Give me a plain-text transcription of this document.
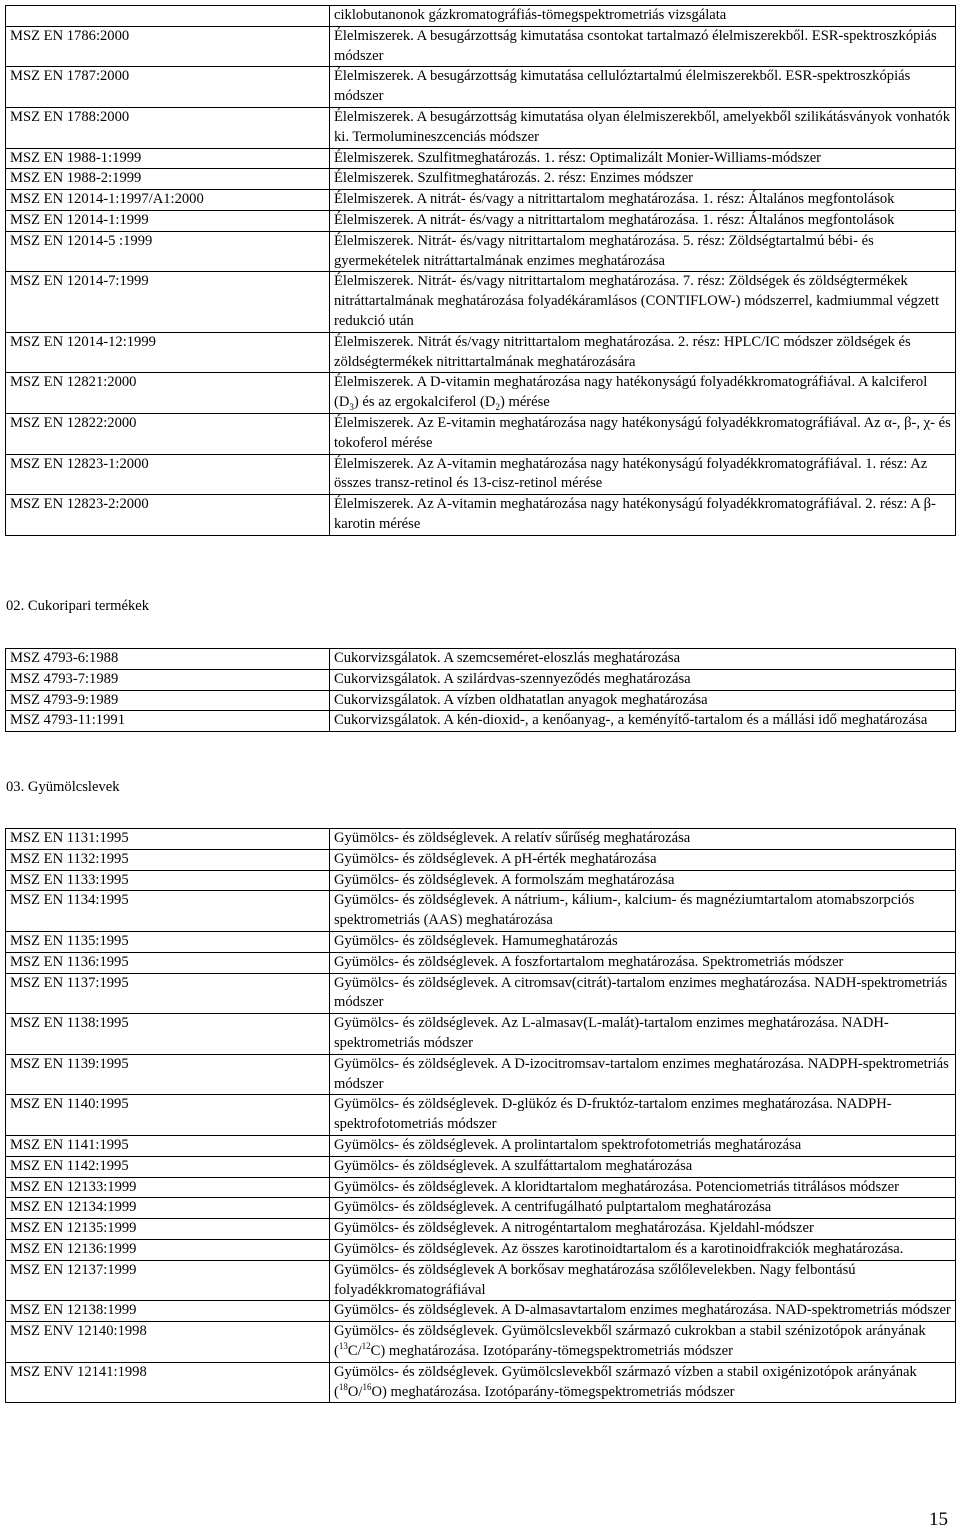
	ciklobutanonok gázkromatográfiás-tömegspektrometriás vizsgálata
MSZ EN 1786:2000	Élelmiszerek. A besugárzottság kimutatása csontokat tartalmazó élelmiszerekből. ESR-spektroszkópiás módszer
MSZ EN 1787:2000	Élelmiszerek. A besugárzottság kimutatása cellulóztartalmú élelmiszerekből. ESR-spektroszkópiás módszer
MSZ EN 1788:2000	Élelmiszerek. A besugárzottság kimutatása olyan élelmiszerekből, amelyekből szilikátásványok vonhatók ki. Termolumineszcenciás módszer
MSZ EN 1988-1:1999	Élelmiszerek. Szulfitmeghatározás. 1. rész: Optimalizált Monier-Williams-módszer
MSZ EN 1988-2:1999	Élelmiszerek. Szulfitmeghatározás. 2. rész: Enzimes módszer
MSZ EN 12014-1:1997/A1:2000	Élelmiszerek. A nitrát- és/vagy a nitrittartalom meghatározása. 1. rész: Általános megfontolások
MSZ EN 12014-1:1999	Élelmiszerek. A nitrát- és/vagy a nitrittartalom meghatározása. 1. rész: Általános megfontolások
MSZ EN 12014-5 :1999	Élelmiszerek. Nitrát- és/vagy nitrittartalom meghatározása. 5. rész: Zöldségtartalmú bébi- és gyermekételek nitráttartalmának enzimes meghatározása
MSZ EN 12014-7:1999	Élelmiszerek. Nitrát- és/vagy nitrittartalom meghatározása. 7. rész: Zöldségek és zöldségtermékek nitráttartalmának meghatározása folyadékáramlásos (CONTIFLOW-) módszerrel, kadmiummal végzett redukció után
MSZ EN 12014-12:1999	Élelmiszerek. Nitrát és/vagy nitrittartalom meghatározása. 2. rész: HPLC/IC módszer zöldségek és zöldségtermékek nitrittartalmának meghatározására
MSZ EN 12821:2000	Élelmiszerek. A D-vitamin meghatározása nagy hatékonyságú folyadékkromatográfiával. A kalciferol $(D_3)$ és az ergokalciferol $(D_2)$ mérése
MSZ EN 12822:2000	Élelmiszerek. Az E-vitamin meghatározása nagy hatékonyságú folyadékkromatográfiával. Az α-, β-, χ- és tokoferol mérése
MSZ EN 12823-1:2000	Élelmiszerek. Az A-vitamin meghatározása nagy hatékonyságú folyadékkromatográfiával. 1. rész: Az összes transz-retinol és 13-cisz-retinol mérése
MSZ EN 12823-2:2000	Élelmiszerek. Az A-vitamin meghatározása nagy hatékonyságú folyadékkromatográfiával. 2. rész: A β-karotin mérése
02. Cukoripari termékek
MSZ 4793-6:1988	Cukorvizsgálatok. A szemcseméret-eloszlás meghatározása
MSZ 4793-7:1989	Cukorvizsgálatok. A szilárdvas-szennyeződés meghatározása
MSZ 4793-9:1989	Cukorvizsgálatok. A vízben oldhatatlan anyagok meghatározása
MSZ 4793-11:1991	Cukorvizsgálatok. A kén-dioxid-, a kenőanyag-, a keményítő-tartalom és a mállási idő meghatározása
03. Gyümölcslevek
MSZ EN 1131:1995	Gyümölcs- és zöldséglevek. A relatív sűrűség meghatározása
MSZ EN 1132:1995	Gyümölcs- és zöldséglevek. A pH-érték meghatározása
MSZ EN 1133:1995	Gyümölcs- és zöldséglevek. A formolszám meghatározása
MSZ EN 1134:1995	Gyümölcs- és zöldséglevek. A nátrium-, kálium-, kalcium- és magnéziumtartalom atomabszorpciós spektrometriás (AAS) meghatározása
MSZ EN 1135:1995	Gyümölcs- és zöldséglevek. Hamumeghatározás
MSZ EN 1136:1995	Gyümölcs- és zöldséglevek. A foszfortartalom meghatározása. Spektrometriás módszer
MSZ EN 1137:1995	Gyümölcs- és zöldséglevek. A citromsav(citrát)-tartalom enzimes meghatározása. NADH-spektrometriás módszer
MSZ EN 1138:1995	Gyümölcs- és zöldséglevek. Az L-almasav(L-malát)-tartalom enzimes meghatározása. NADH-spektrometriás módszer
MSZ EN 1139:1995	Gyümölcs- és zöldséglevek. A D-izocitromsav-tartalom enzimes meghatározása. NADPH-spektrometriás módszer
MSZ EN 1140:1995	Gyümölcs- és zöldséglevek. D-glükóz és D-fruktóz-tartalom enzimes meghatározása. NADPH-spektrofotometriás módszer
MSZ EN 1141:1995	Gyümölcs- és zöldséglevek. A prolintartalom spektrofotometriás meghatározása
MSZ EN 1142:1995	Gyümölcs- és zöldséglevek. A szulfáttartalom meghatározása
MSZ EN 12133:1999	Gyümölcs- és zöldséglevek. A kloridtartalom meghatározása. Potenciometriás titrálásos módszer
MSZ EN 12134:1999	Gyümölcs- és zöldséglevek. A centrifugálható pulptartalom meghatározása
MSZ EN 12135:1999	Gyümölcs- és zöldséglevek. A nitrogéntartalom meghatározása. Kjeldahl-módszer
MSZ EN 12136:1999	Gyümölcs- és zöldséglevek. Az összes karotinoidtartalom és a karotinoidfrakciók meghatározása.
MSZ EN 12137:1999	Gyümölcs- és zöldséglevek A borkősav meghatározása szőlőlevelekben. Nagy felbontású folyadékkromatográfiával
MSZ EN 12138:1999	Gyümölcs- és zöldséglevek. A D-almasavtartalom enzimes meghatározása. NAD-spektrometriás módszer
MSZ ENV 12140:1998	Gyümölcs- és zöldséglevek. Gyümölcslevekből származó cukrokban a stabil szénizotópok arányának ($^{13}$C/$^{12}$C) meghatározása. Izotóparány-tömegspektrometriás módszer
MSZ ENV 12141:1998	Gyümölcs- és zöldséglevek. Gyümölcslevekből származó vízben a stabil oxigénizotópok arányának ($^{18}$O/$^{16}$O) meghatározása. Izotóparány-tömegspektrometriás módszer
15
